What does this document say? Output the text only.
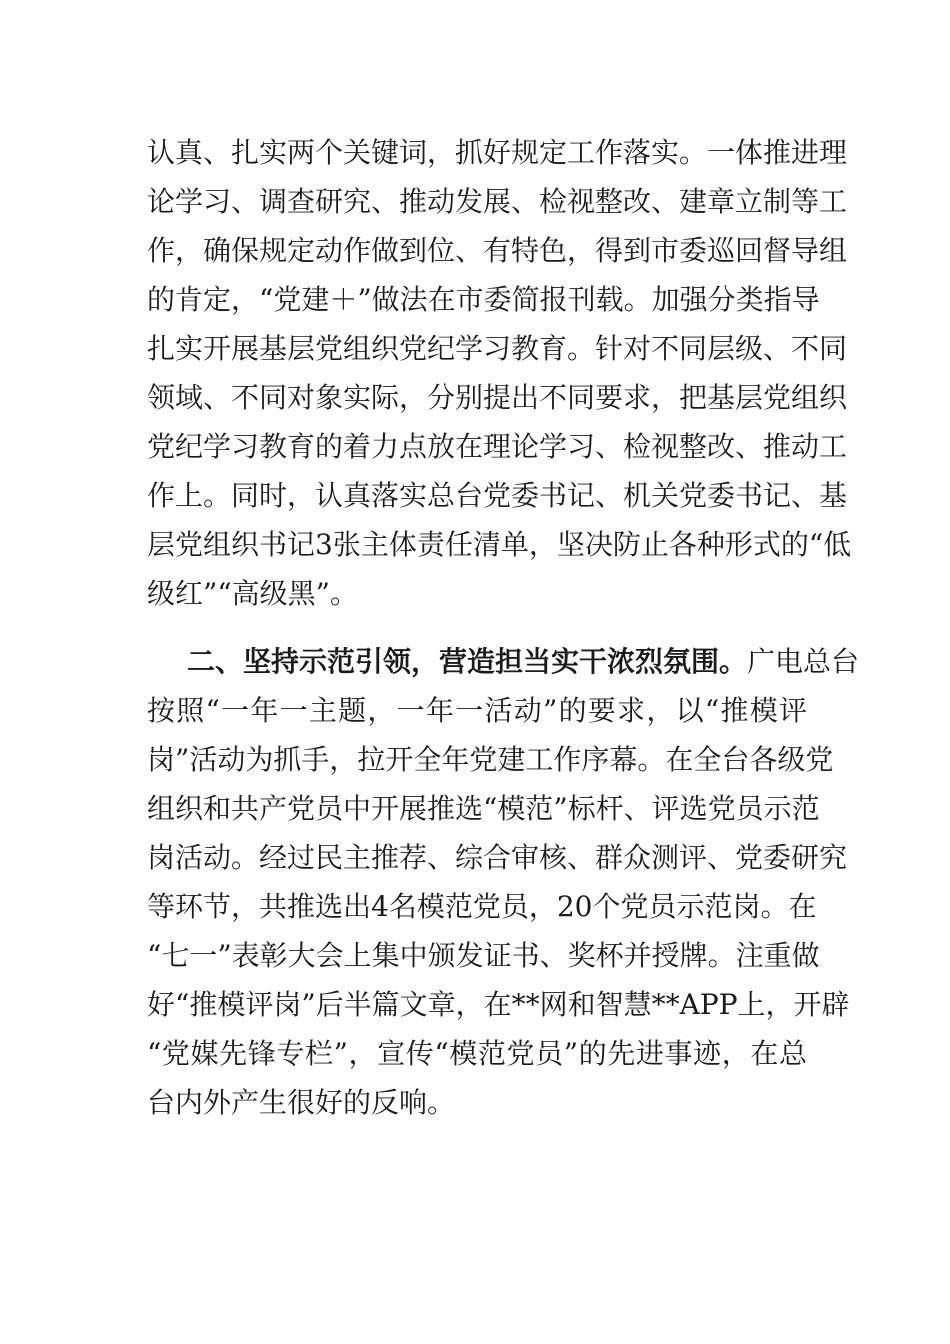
认真、扎实两个关键词，抓好规定工作落实。一体推进理
论学习、调查研究、推动发展、检视整改、建章立制等工
作，确保规定动作做到位、有特色，得到市委巡回督导组
的肯定，“党建＋”做法在市委简报刊载。加强分类指导
扎实开展基层党组织党纪学习教育。针对不同层级、不同
领域、不同对象实际，分别提出不同要求，把基层党组织
党纪学习教育的着力点放在理论学习、检视整改、推动工
作上。同时，认真落实总台党委书记、机关党委书记、基
层党组织书记3张主体责任清单，坚决防止各种形式的“低
级红”“高级黑”。
二、坚持示范引领，营造担当实干浓烈氛围。广电总台
按照“一年一主题，一年一活动”的要求，以“推模评
岗”活动为抓手，拉开全年党建工作序幕。在全台各级党
组织和共产党员中开展推选“模范”标杆、评选党员示范
岗活动。经过民主推荐、综合审核、群众测评、党委研究
等环节，共推选出4名模范党员，20个党员示范岗。在
“七一”表彰大会上集中颁发证书、奖杯并授牌。注重做
好“推模评岗”后半篇文章，在**网和智慧**APP上，开辟
“党媒先锋专栏”，宣传“模范党员”的先进事迹，在总
台内外产生很好的反响。
